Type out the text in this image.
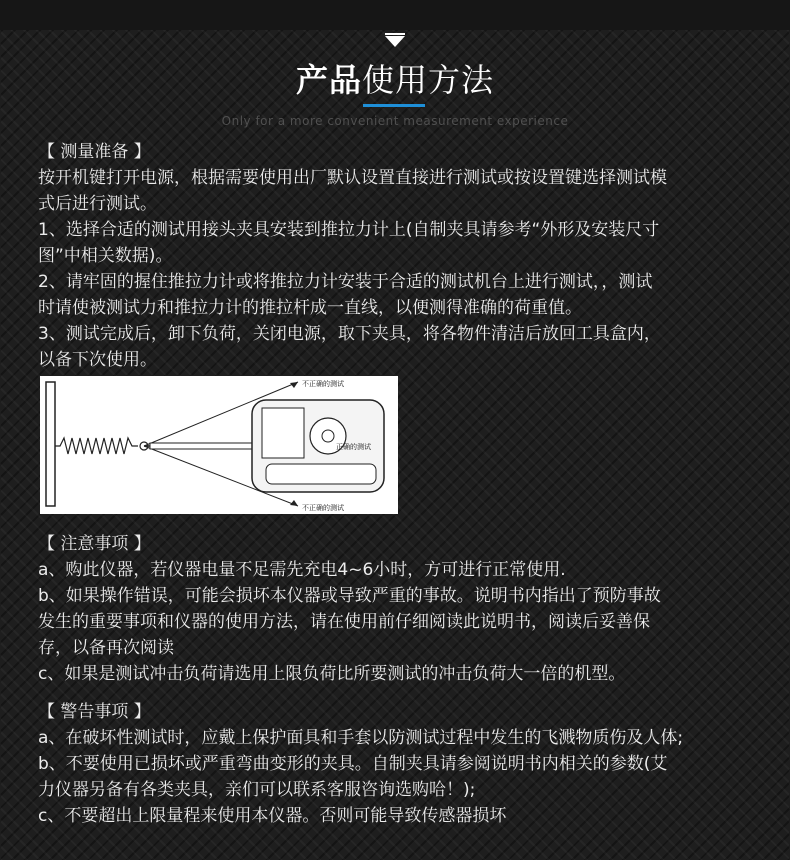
产品使用方法
Only for a more convenient measurement experience

【 测量准备 】

按开机键打开电源，根据需要使用出厂默认设置直接进行测试或按设置键选择测试模

式后进行测试。

1、选择合适的测试用接头夹具安装到推拉力计上(自制夹具请参考“外形及安装尺寸

图”中相关数据)。

2、请牢固的握住推拉力计或将推拉力计安装于合适的测试机台上进行测试，，测试

时请使被测试力和推拉力计的推拉杆成一直线，以便测得准确的荷重值。

3、测试完成后，卸下负荷，关闭电源，取下夹具，将各物件清洁后放回工具盒内，

以备下次使用。

不正确的测试
正确的测试
不正确的测试

【 注意事项 】

a、购此仪器，若仪器电量不足需先充电4~6小时，方可进行正常使用.

b、如果操作错误，可能会损坏本仪器或导致严重的事故。说明书内指出了预防事故

发生的重要事项和仪器的使用方法，请在使用前仔细阅读此说明书，阅读后妥善保

存，以备再次阅读

c、如果是测试冲击负荷请选用上限负荷比所要测试的冲击负荷大一倍的机型。

【 警告事项 】

a、在破坏性测试时，应戴上保护面具和手套以防测试过程中发生的飞溅物质伤及人体;

b、不要使用已损坏或严重弯曲变形的夹具。自制夹具请参阅说明书内相关的参数(艾

力仪器另备有各类夹具，亲们可以联系客服咨询选购哈！);

c、不要超出上限量程来使用本仪器。否则可能导致传感器损坏
